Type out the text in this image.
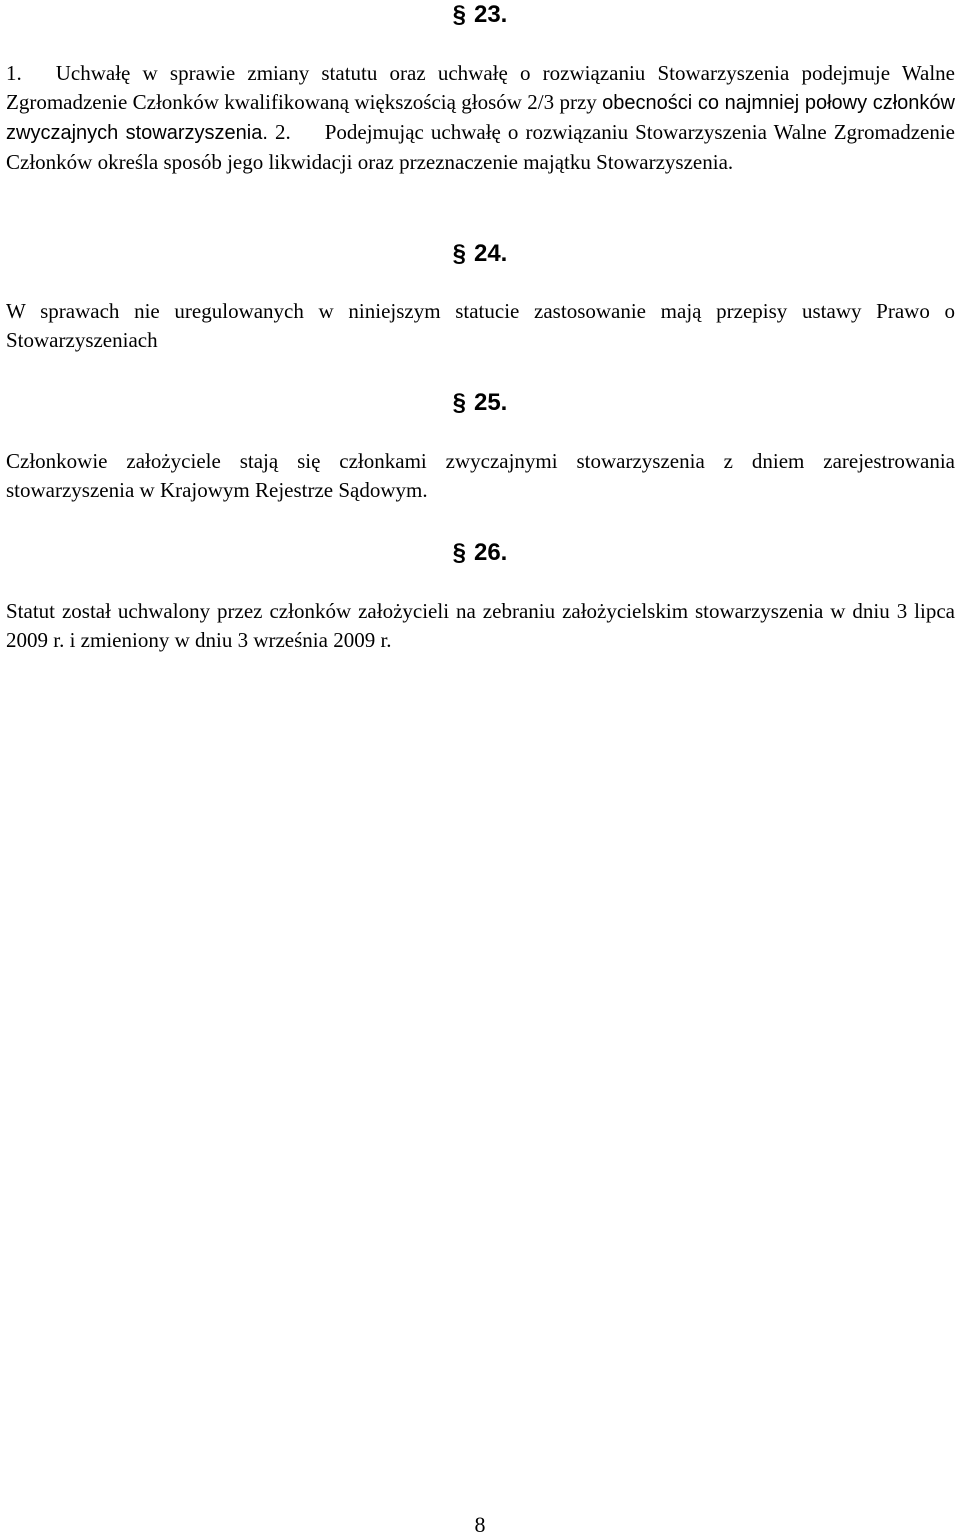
§ 23.
1. Uchwałę w sprawie zmiany statutu oraz uchwałę o rozwiązaniu Stowarzyszenia podejmuje Walne Zgromadzenie Członków kwalifikowaną większością głosów 2/3 przy obecności co najmniej połowy członków zwyczajnych stowarzyszenia. 2. Podejmując uchwałę o rozwiązaniu Stowarzyszenia Walne Zgromadzenie Członków określa sposób jego likwidacji oraz przeznaczenie majątku Stowarzyszenia.
§ 24.
W sprawach nie uregulowanych w niniejszym statucie zastosowanie mają przepisy ustawy Prawo o Stowarzyszeniach
§ 25.
Członkowie założyciele stają się członkami zwyczajnymi stowarzyszenia z dniem zarejestrowania stowarzyszenia w Krajowym Rejestrze Sądowym.
§ 26.
Statut został uchwalony przez członków założycieli na zebraniu założycielskim stowarzyszenia w dniu 3 lipca 2009 r. i zmieniony w dniu 3 września 2009 r.
8
